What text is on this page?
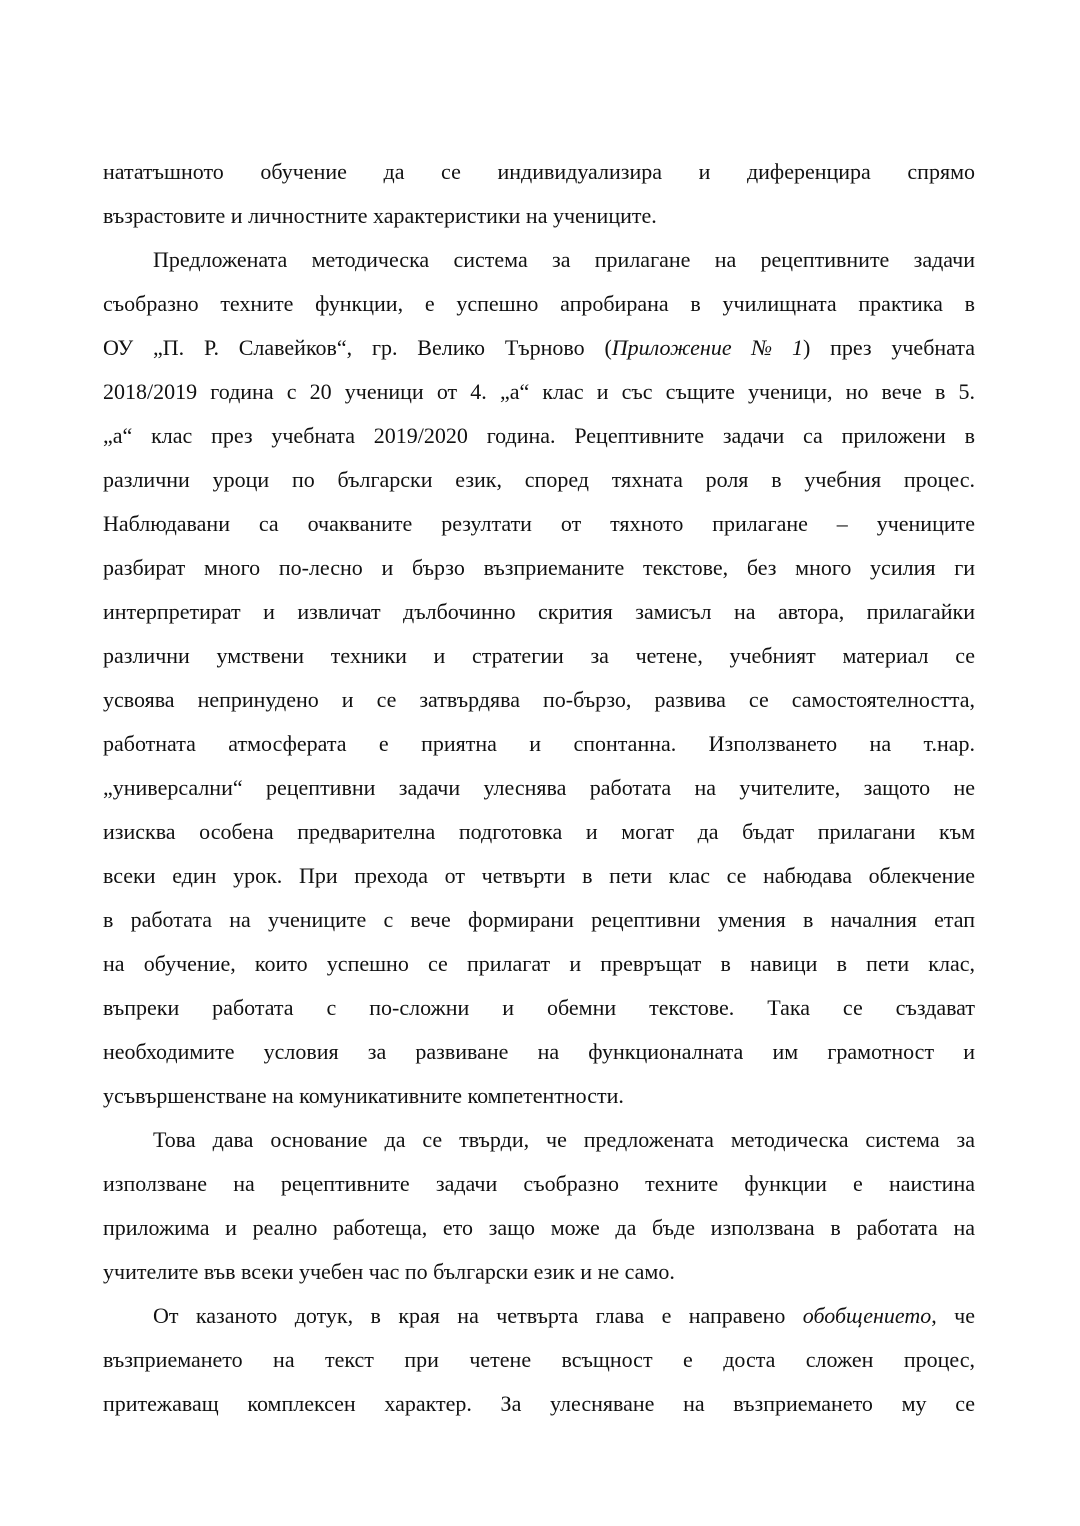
нататъшното обучение да се индивидуализира и диференцира спрямо
възрастовите и личностните характеристики на учениците.
Предложената методическа система за прилагане на рецептивните задачи
съобразно техните функции, е успешно апробирана в училищната практика в
ОУ „П. Р. Славейков“, гр. Велико Търново (Приложение № 1) през учебната
2018/2019 година с 20 ученици от 4. „а“ клас и със същите ученици, но вече в 5.
„а“ клас през учебната 2019/2020 година. Рецептивните задачи са приложени в
различни уроци по български език, според тяхната роля в учебния процес.
Наблюдавани са очакваните резултати от тяхното прилагане – учениците
разбират много по-лесно и бързо възприеманите текстове, без много усилия ги
интерпретират и извличат дълбочинно скрития замисъл на автора, прилагайки
различни умствени техники и стратегии за четене, учебният материал се
усвоява непринудено и се затвърдява по-бързо, развива се самостоятелността,
работната атмосферата е приятна и спонтанна. Използването на т.нар.
„универсални“ рецептивни задачи улеснява работата на учителите, защото не
изисква особена предварителна подготовка и могат да бъдат прилагани към
всеки един урок. При прехода от четвърти в пети клас се набюдава облекчение
в работата на учениците с вече формирани рецептивни умения в началния етап
на обучение, които успешно се прилагат и превръщат в навици в пети клас,
въпреки работата с по-сложни и обемни текстове. Така се създават
необходимите условия за развиване на функционалната им грамотност и
усъвършенстване на комуникативните компетентности.
Това дава основание да се твърди, че предложената методическа система за
използване на рецептивните задачи съобразно техните функции е наистина
приложима и реално работеща, ето защо може да бъде използвана в работата на
учителите във всеки учебен час по български език и не само.
От казаното дотук, в края на четвърта глава е направено обобщението, че
възприемането на текст при четене всъщност е доста сложен процес,
притежаващ комплексен характер. За улесняване на възприемането му се
